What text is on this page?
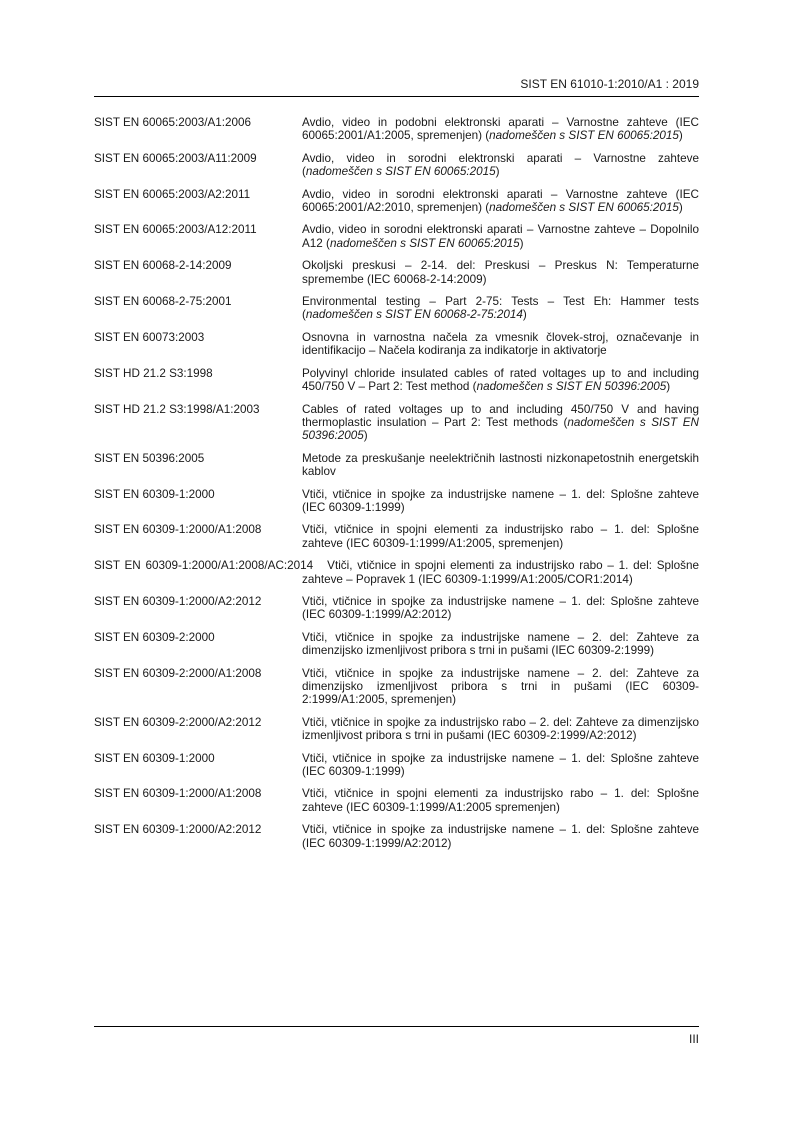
SIST EN 61010-1:2010/A1 : 2019
SIST EN 60065:2003/A1:2006	Avdio, video in podobni elektronski aparati – Varnostne zahteve (IEC 60065:2001/A1:2005, spremenjen) (nadomeščen s SIST EN 60065:2015)
SIST EN 60065:2003/A11:2009	Avdio, video in sorodni elektronski aparati – Varnostne zahteve (nadomeščen s SIST EN 60065:2015)
SIST EN 60065:2003/A2:2011	Avdio, video in sorodni elektronski aparati – Varnostne zahteve (IEC 60065:2001/A2:2010, spremenjen) (nadomeščen s SIST EN 60065:2015)
SIST EN 60065:2003/A12:2011	Avdio, video in sorodni elektronski aparati – Varnostne zahteve – Dopolnilo A12 (nadomeščen s SIST EN 60065:2015)
SIST EN 60068-2-14:2009	Okoljski preskusi – 2-14. del: Preskusi – Preskus N: Temperaturne spremembe (IEC 60068-2-14:2009)
SIST EN 60068-2-75:2001	Environmental testing – Part 2-75: Tests – Test Eh: Hammer tests (nadomeščen s SIST EN 60068-2-75:2014)
SIST EN 60073:2003	Osnovna in varnostna načela za vmesnik človek-stroj, označevanje in identifikacijo – Načela kodiranja za indikatorje in aktivatorje
SIST HD 21.2 S3:1998	Polyvinyl chloride insulated cables of rated voltages up to and including 450/750 V – Part 2: Test method (nadomeščen s SIST EN 50396:2005)
SIST HD 21.2 S3:1998/A1:2003	Cables of rated voltages up to and including 450/750 V and having thermoplastic insulation – Part 2: Test methods (nadomeščen s SIST EN 50396:2005)
SIST EN 50396:2005	Metode za preskušanje neelektričnih lastnosti nizkonapetostnih energetskih kablov
SIST EN 60309-1:2000	Vtiči, vtičnice in spojke za industrijske namene – 1. del: Splošne zahteve (IEC 60309-1:1999)
SIST EN 60309-1:2000/A1:2008	Vtiči, vtičnice in spojni elementi za industrijsko rabo – 1. del: Splošne zahteve (IEC 60309-1:1999/A1:2005, spremenjen)
SIST EN 60309-1:2000/A1:2008/AC:2014 Vtiči, vtičnice in spojni elementi za industrijsko rabo – 1. del: Splošne zahteve – Popravek 1 (IEC 60309-1:1999/A1:2005/COR1:2014)
SIST EN 60309-1:2000/A2:2012	Vtiči, vtičnice in spojke za industrijske namene – 1. del: Splošne zahteve (IEC 60309-1:1999/A2:2012)
SIST EN 60309-2:2000	Vtiči, vtičnice in spojke za industrijske namene – 2. del: Zahteve za dimenzijsko izmenljivost pribora s trni in pušami (IEC 60309-2:1999)
SIST EN 60309-2:2000/A1:2008	Vtiči, vtičnice in spojke za industrijske namene – 2. del: Zahteve za dimenzijsko izmenljivost pribora s trni in pušami (IEC 60309-2:1999/A1:2005, spremenjen)
SIST EN 60309-2:2000/A2:2012	Vtiči, vtičnice in spojke za industrijsko rabo – 2. del: Zahteve za dimenzijsko izmenljivost pribora s trni in pušami (IEC 60309-2:1999/A2:2012)
SIST EN 60309-1:2000	Vtiči, vtičnice in spojke za industrijske namene – 1. del: Splošne zahteve (IEC 60309-1:1999)
SIST EN 60309-1:2000/A1:2008	Vtiči, vtičnice in spojni elementi za industrijsko rabo – 1. del: Splošne zahteve (IEC 60309-1:1999/A1:2005 spremenjen)
SIST EN 60309-1:2000/A2:2012	Vtiči, vtičnice in spojke za industrijske namene – 1. del: Splošne zahteve (IEC 60309-1:1999/A2:2012)
III
